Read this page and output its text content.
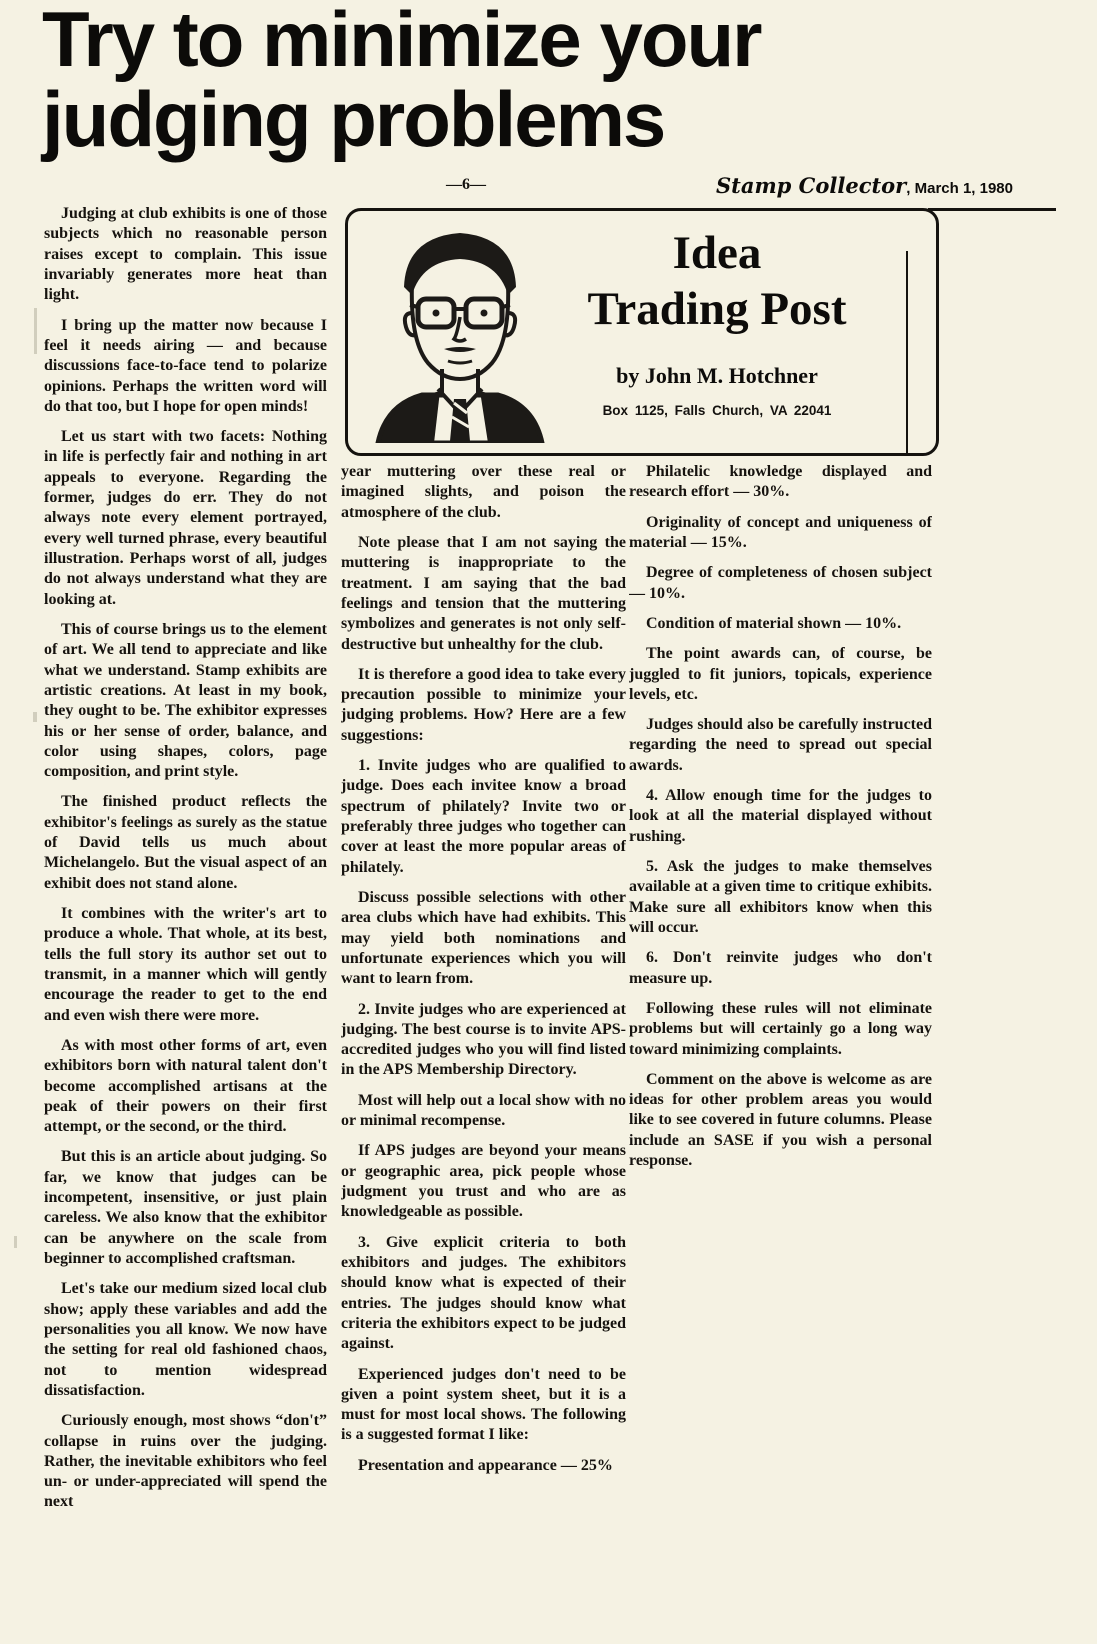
Try to minimize your
judging problems
—6—	Stamp Collector, March 1, 1980
Idea
Trading Post
by John M. Hotchner
Box 1125, Falls Church, VA 22041

Judging at club exhibits is one of those subjects which no reasonable person raises except to complain. This issue invariably generates more heat than light.

I bring up the matter now because I feel it needs airing — and because discussions face-to-face tend to polarize opinions. Perhaps the written word will do that too, but I hope for open minds!

Let us start with two facets: Nothing in life is perfectly fair and nothing in art appeals to everyone. Regarding the former, judges do err. They do not always note every element portrayed, every well turned phrase, every beautiful illustration. Perhaps worst of all, judges do not always understand what they are looking at.

This of course brings us to the element of art. We all tend to appreciate and like what we understand. Stamp exhibits are artistic creations. At least in my book, they ought to be. The exhibitor expresses his or her sense of order, balance, and color using shapes, colors, page composition, and print style.

The finished product reflects the exhibitor's feelings as surely as the statue of David tells us much about Michelangelo. But the visual aspect of an exhibit does not stand alone.

It combines with the writer's art to produce a whole. That whole, at its best, tells the full story its author set out to transmit, in a manner which will gently encourage the reader to get to the end and even wish there were more.

As with most other forms of art, even exhibitors born with natural talent don't become accomplished artisans at the peak of their powers on their first attempt, or the second, or the third.

But this is an article about judging. So far, we know that judges can be incompetent, insensitive, or just plain careless. We also know that the exhibitor can be anywhere on the scale from beginner to accomplished craftsman.

Let's take our medium sized local club show; apply these variables and add the personalities you all know. We now have the setting for real old fashioned chaos, not to mention widespread dissatisfaction.

Curiously enough, most shows “don't” collapse in ruins over the judging. Rather, the inevitable exhibitors who feel un- or under-appreciated will spend the next

year muttering over these real or imagined slights, and poison the atmosphere of the club.

Note please that I am not saying the muttering is inappropriate to the treatment. I am saying that the bad feelings and tension that the muttering symbolizes and generates is not only self-destructive but unhealthy for the club.

It is therefore a good idea to take every precaution possible to minimize your judging problems. How? Here are a few suggestions:

1. Invite judges who are qualified to judge. Does each invitee know a broad spectrum of philately? Invite two or preferably three judges who together can cover at least the more popular areas of philately.

Discuss possible selections with other area clubs which have had exhibits. This may yield both nominations and unfortunate experiences which you will want to learn from.

2. Invite judges who are experienced at judging. The best course is to invite APS-accredited judges who you will find listed in the APS Membership Directory.

Most will help out a local show with no or minimal recompense.

If APS judges are beyond your means or geographic area, pick people whose judgment you trust and who are as knowledgeable as possible.

3. Give explicit criteria to both exhibitors and judges. The exhibitors should know what is expected of their entries. The judges should know what criteria the exhibitors expect to be judged against.

Experienced judges don't need to be given a point system sheet, but it is a must for most local shows. The following is a suggested format I like:

Presentation and appearance — 25%

Philatelic knowledge displayed and research effort — 30%.

Originality of concept and uniqueness of material — 15%.

Degree of completeness of chosen subject — 10%.

Condition of material shown — 10%.

The point awards can, of course, be juggled to fit juniors, topicals, experience levels, etc.

Judges should also be carefully instructed regarding the need to spread out special awards.

4. Allow enough time for the judges to look at all the material displayed without rushing.

5. Ask the judges to make themselves available at a given time to critique exhibits. Make sure all exhibitors know when this will occur.

6. Don't reinvite judges who don't measure up.

Following these rules will not eliminate problems but will certainly go a long way toward minimizing complaints.

Comment on the above is welcome as are ideas for other problem areas you would like to see covered in future columns. Please include an SASE if you wish a personal response.
